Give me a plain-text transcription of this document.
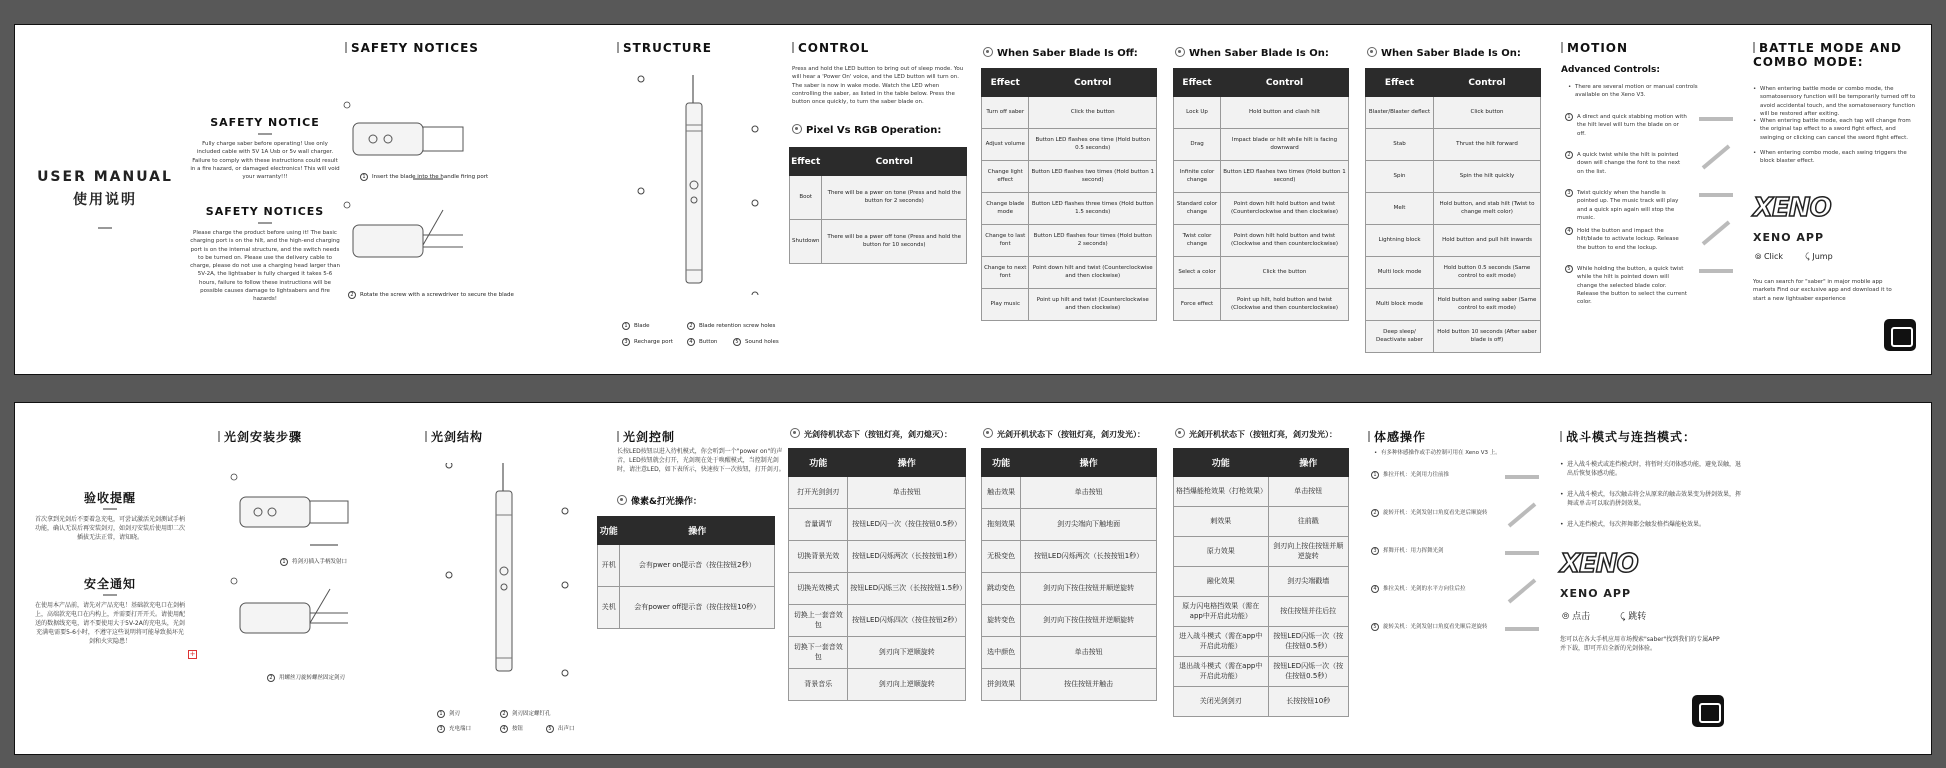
USER MANUAL
使用说明
SAFETY NOTICE
Fully charge saber before operating! Use only included cable with 5V 1A Usb or 5v wall charger. Failure to comply with these instructions could result in a fire hazard, or damaged electronics! This will void your warranty!!!
SAFETY NOTICES
Please charge the product before using it! The basic charging port is on the hilt, and the high-end charging port is on the internal structure, and the switch needs to be turned on. Please use the delivery cable to charge, please do not use a charging head larger than 5V-2A, the lightsaber is fully charged it takes 5-6 hours, failure to follow these instructions will be possible causes damage to lightsabers and fire hazards!
SAFETY NOTICES
1 Insert the blade into the handle firing port
2 Rotate the screw with a screwdriver to secure the blade
STRUCTURE
1 Blade	2 Blade retention screw holes
3 Recharge port	4 Button	5 Sound holes
CONTROL
Press and hold the LED button to bring out of sleep mode. You will hear a 'Power On' voice, and the LED button will turn on. The saber is now in wake mode. Watch the LED when controlling the saber, as listed in the table below. Press the button once quickly, to turn the saber blade on.
Pixel Vs RGB Operation:
Effect	Control
Boot	There will be a pwer on tone (Press and hold the button for 2 seconds)
Shutdown	There will be a pwer off tone (Press and hold the button for 10 seconds)
When Saber Blade Is Off:
Effect	Control
Turn off saber	Click the button
Adjust volume	Button LED flashes one time (Hold button 0.5 seconds)
Change light effect	Button LED flashes two times (Hold button 1 second)
Change blade mode	Button LED flashes three times (Hold button 1.5 seconds)
Change to last font	Button LED flashes four times (Hold button 2 seconds)
Change to next font	Point down hilt and twist (Counterclockwise and then clockwise)
Play music	Point up hilt and twist (Counterclockwise and then clockwise)
When Saber Blade Is On:
Effect	Control
Lock Up	Hold button and clash hilt
Drag	Impact blade or hilt while hilt is facing downward
Infinite color change	Button LED flashes two times (Hold button 1 second)
Standard color change	Point down hilt hold button and twist (Counterclockwise and then clockwise)
Twist color change	Point down hilt hold button and twist (Clockwise and then counterclockwise)
Select a color	Click the button
Force effect	Point up hilt, hold button and twist (Clockwise and then counterclockwise)
When Saber Blade Is On:
Effect	Control
Blaster/Blaster deflect	Click button
Stab	Thrust the hilt forward
Spin	Spin the hilt quickly
Melt	Hold button, and stab hilt (Twist to change melt color)
Lightning block	Hold button and pull hilt inwards
Multi lock mode	Hold button 0.5 seconds (Same control to exit mode)
Multi block mode	Hold button and swing saber (Same control to exit mode)
Deep sleep/ Deactivate saber	Hold button 10 seconds (After saber blade is off)
MOTION
Advanced Controls:
• There are several motion or manual controls available on the Xeno V3.
1	A direct and quick stabbing motion with the hilt level will turn the blade on or off.
2	A quick twist while the hilt is pointed down will change the font to the next on the list.
3	Twist quickly when the handle is pointed up. The music track will play and a quick spin again will stop the music.
4	Hold the button and impact the hilt/blade to activate lockup. Release the button to end the lockup.
5	While holding the button, a quick twist while the hilt is pointed down will change the selected blade color. Release the button to select the current color.
BATTLE MODE AND COMBO MODE:
• When entering battle mode or combo mode, the somatosensory function will be temporarily turned off to avoid accidental touch, and the somatosensory function will be restored after exiting.
• When entering battle mode, each tap will change from the original tap effect to a sword fight effect, and swinging or clicking can cancel the sword fight effect.
• When entering combo mode, each swing triggers the block blaster effect.
XENO
XENO APP
⦾ Click	⤹ Jump
You can search for "saber" in major mobile app markets Find our exclusive app and download it to start a new lightsaber experience
验收提醒
首次拿到光剑后不要着急充电，可尝试激活光剑测试手柄功能，确认无误后再安装剑刃，如剑刃安装后使用即二次插拔无法正常，请知晓。
安全通知
在使用本产品前，请先对产品充电！基础款充电口在剑柄上，高端款充电口在内构上，并需要打开开关。请使用配送的数据线充电，请不要使用大于5V-2A的充电头，光剑充满电需要5-6小时，不遵守这些说明将可能导致损坏光剑和火灾隐患！
+
光剑安装步骤
1 将剑刃插入手柄发射口
2 用螺丝刀旋转螺丝固定剑刃
光剑结构
1 剑刃	2 剑刃固定螺钉孔
3 充电端口	4 按钮	5 出声口
光剑控制
长按LED按钮以进入待机模式，你会听到一个"power on"的声音，LED按钮就会打开，光剑现在处于唤醒模式，当控制光剑时，请注意LED，如下表所示，快速按下一次按钮，打开剑刃。
像素&打光操作：
功能	操作
开机	会有pwer on提示音（按住按钮2秒）
关机	会有power off提示音（按住按钮10秒）
光剑待机状态下（按钮灯亮，剑刃熄灭）：
功能	操作
打开光剑剑刃	单击按钮
音量调节	按钮LED闪一次（按住按钮0.5秒）
切换背景光效	按钮LED闪烁两次（长按按钮1秒）
切换光效模式	按钮LED闪烁三次（长按按钮1.5秒）
切换上一套音效包	按钮LED闪烁四次（按住按钮2秒）
切换下一套音效包	剑刃向下逆顺旋转
背景音乐	剑刃向上逆顺旋转
光剑开机状态下（按钮灯亮，剑刃发光）：
功能	操作
触击效果	单击按钮
拖刻效果	剑刃尖端向下触地面
无极变色	按钮LED闪烁两次（长按按钮1秒）
跳动变色	剑刃向下按住按钮并顺逆旋转
旋转变色	剑刃向下按住按钮并逆顺旋转
选中颜色	单击按钮
拼剑效果	按住按钮并触击
光剑开机状态下（按钮灯亮，剑刃发光）：
功能	操作
格挡爆能枪效果（打枪效果）	单击按钮
刺效果	往前戳
原力效果	剑刃向上按住按钮并顺逆旋转
融化效果	剑刃尖端戳墙
原力闪电格挡效果（需在app中开启此功能）	按住按钮并往后拉
进入战斗模式（需在app中开启此功能）	按钮LED闪烁一次（按住按钮0.5秒）
退出战斗模式（需在app中开启此功能）	按钮LED闪烁一次（按住按钮0.5秒）
关闭光剑剑刃	长按按钮10秒
体感操作
• 有多种体感操作或手动控制可用在 Xeno V3 上。
1	推拉开机：光剑用力往前推
2	旋转开机：光剑发射口角度看先逆后顺旋转
3	挥舞开机：用力挥舞光剑
4	推拉关机：光剑的水平方向往后拉
5	旋转关机：光剑发射口角度看先顺后逆旋转
战斗模式与连挡模式：
• 进入战斗模式或连挡模式时，将暂时关闭体感功能，避免误触，退出后恢复体感功能。
• 进入战斗模式，每次触击将会从原来的触击效果变为拼剑效果，挥舞或单击可以取消拼剑效果。
• 进入连挡模式，每次挥舞都会触发格挡爆能枪效果。
XENO
XENO APP
⦾ 点击	⤹ 跳转
您可以在各大手机应用市场搜索"saber"找到我们的专属APP并下载，即可开启全新的光剑体验。
